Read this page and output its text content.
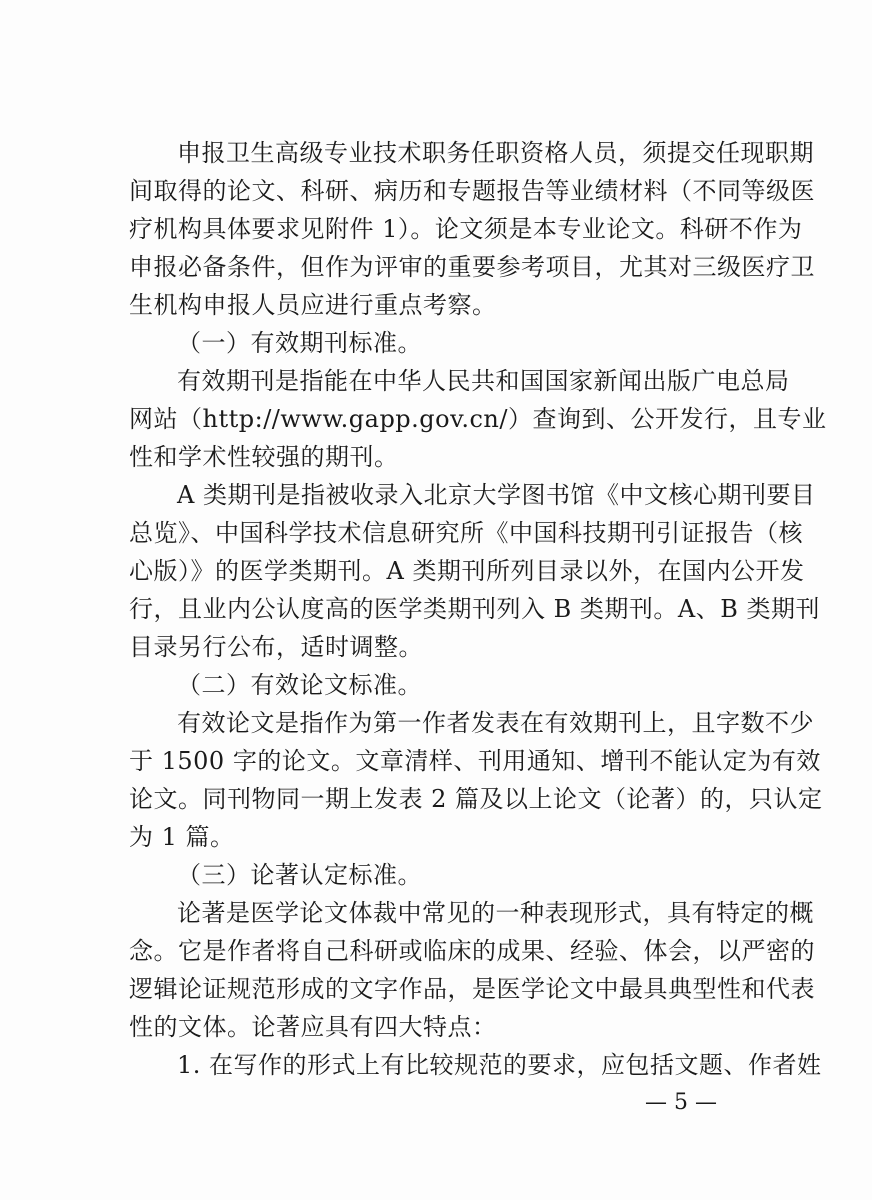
申报卫生高级专业技术职务任职资格人员，须提交任现职期
间取得的论文、科研、病历和专题报告等业绩材料（不同等级医
疗机构具体要求见附件 1）。论文须是本专业论文。科研不作为
申报必备条件，但作为评审的重要参考项目，尤其对三级医疗卫
生机构申报人员应进行重点考察。
（一）有效期刊标准。
有效期刊是指能在中华人民共和国国家新闻出版广电总局
网站（http://www.gapp.gov.cn/）查询到、公开发行，且专业
性和学术性较强的期刊。
A 类期刊是指被收录入北京大学图书馆《中文核心期刊要目
总览》、中国科学技术信息研究所《中国科技期刊引证报告（核
心版）》的医学类期刊。A 类期刊所列目录以外，在国内公开发
行，且业内公认度高的医学类期刊列入 B 类期刊。A、B 类期刊
目录另行公布，适时调整。
（二）有效论文标准。
有效论文是指作为第一作者发表在有效期刊上，且字数不少
于 1500 字的论文。文章清样、刊用通知、增刊不能认定为有效
论文。同刊物同一期上发表 2 篇及以上论文（论著）的，只认定
为 1 篇。
（三）论著认定标准。
论著是医学论文体裁中常见的一种表现形式，具有特定的概
念。它是作者将自己科研或临床的成果、经验、体会，以严密的
逻辑论证规范形成的文字作品，是医学论文中最具典型性和代表
性的文体。论著应具有四大特点：
1. 在写作的形式上有比较规范的要求，应包括文题、作者姓
— 5 —
